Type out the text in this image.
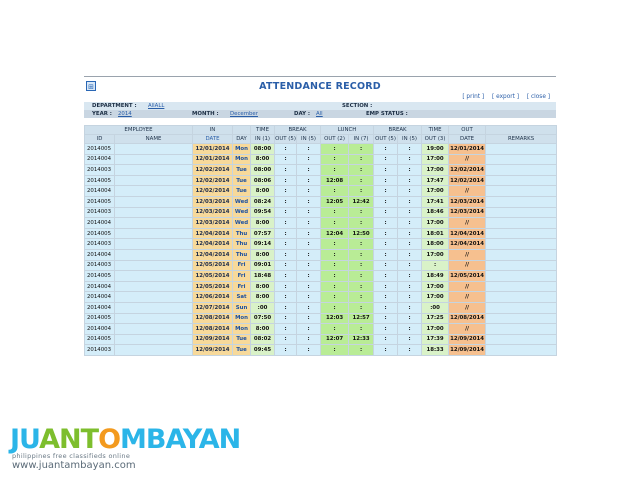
⊞	ATTENDANCE RECORD
[ print ] [ export ] [ close ]
DEPARTMENT : AllALL	SECTION :
YEAR : 2014	MONTH : December	DAY : All	EMP STATUS :
EMPLOYEE		IN		TIME	BREAK		LUNCH		BREAK		TIME	OUT	
ID	NAME	DATE	DAY	IN (1)	OUT (5)	IN (5)	OUT (2)	IN (7)	OUT (5)	IN (5)	OUT (3)	DATE	REMARKS
2014005		12/01/2014	Mon	08:00	:	:	:	:	:	:	19:00	12/01/2014	
2014004		12/01/2014	Mon	8:00	:	:	:	:	:	:	17:00	//	
2014003		12/02/2014	Tue	08:00	:	:	:	:	:	:	17:00	12/02/2014	
2014005		12/02/2014	Tue	08:06	:	:	12:08	:	:	:	17:47	12/02/2014	
2014004		12/02/2014	Tue	8:00	:	:	:	:	:	:	17:00	//	
2014005		12/03/2014	Wed	08:24	:	:	12:05	12:42	:	:	17:41	12/03/2014	
2014003		12/03/2014	Wed	09:54	:	:	:	:	:	:	18:46	12/03/2014	
2014004		12/03/2014	Wed	8:00	:	:	:	:	:	:	17:00	//	
2014005		12/04/2014	Thu	07:57	:	:	12:04	12:50	:	:	18:01	12/04/2014	
2014003		12/04/2014	Thu	09:14	:	:	:	:	:	:	18:00	12/04/2014	
2014004		12/04/2014	Thu	8:00	:	:	:	:	:	:	17:00	//	
2014003		12/05/2014	Fri	09:01	:	:	:	:	:	:	:	//	
2014005		12/05/2014	Fri	18:48	:	:	:	:	:	:	18:49	12/05/2014	
2014004		12/05/2014	Fri	8:00	:	:	:	:	:	:	17:00	//	
2014004		12/06/2014	Sat	8:00	:	:	:	:	:	:	17:00	//	
2014004		12/07/2014	Sun	:00	:	:	:	:	:	:	:00	//	
2014005		12/08/2014	Mon	07:50	:	:	12:03	12:57	:	:	17:25	12/08/2014	
2014004		12/08/2014	Mon	8:00	:	:	:	:	:	:	17:00	//	
2014005		12/09/2014	Tue	08:02	:	:	12:07	12:33	:	:	17:39	12/09/2014	
2014003		12/09/2014	Tue	09:45	:	:	:	:	:	:	18:33	12/09/2014	
JUANTOMBAYAN
philippines free classifieds online
www.juantambayan.com
